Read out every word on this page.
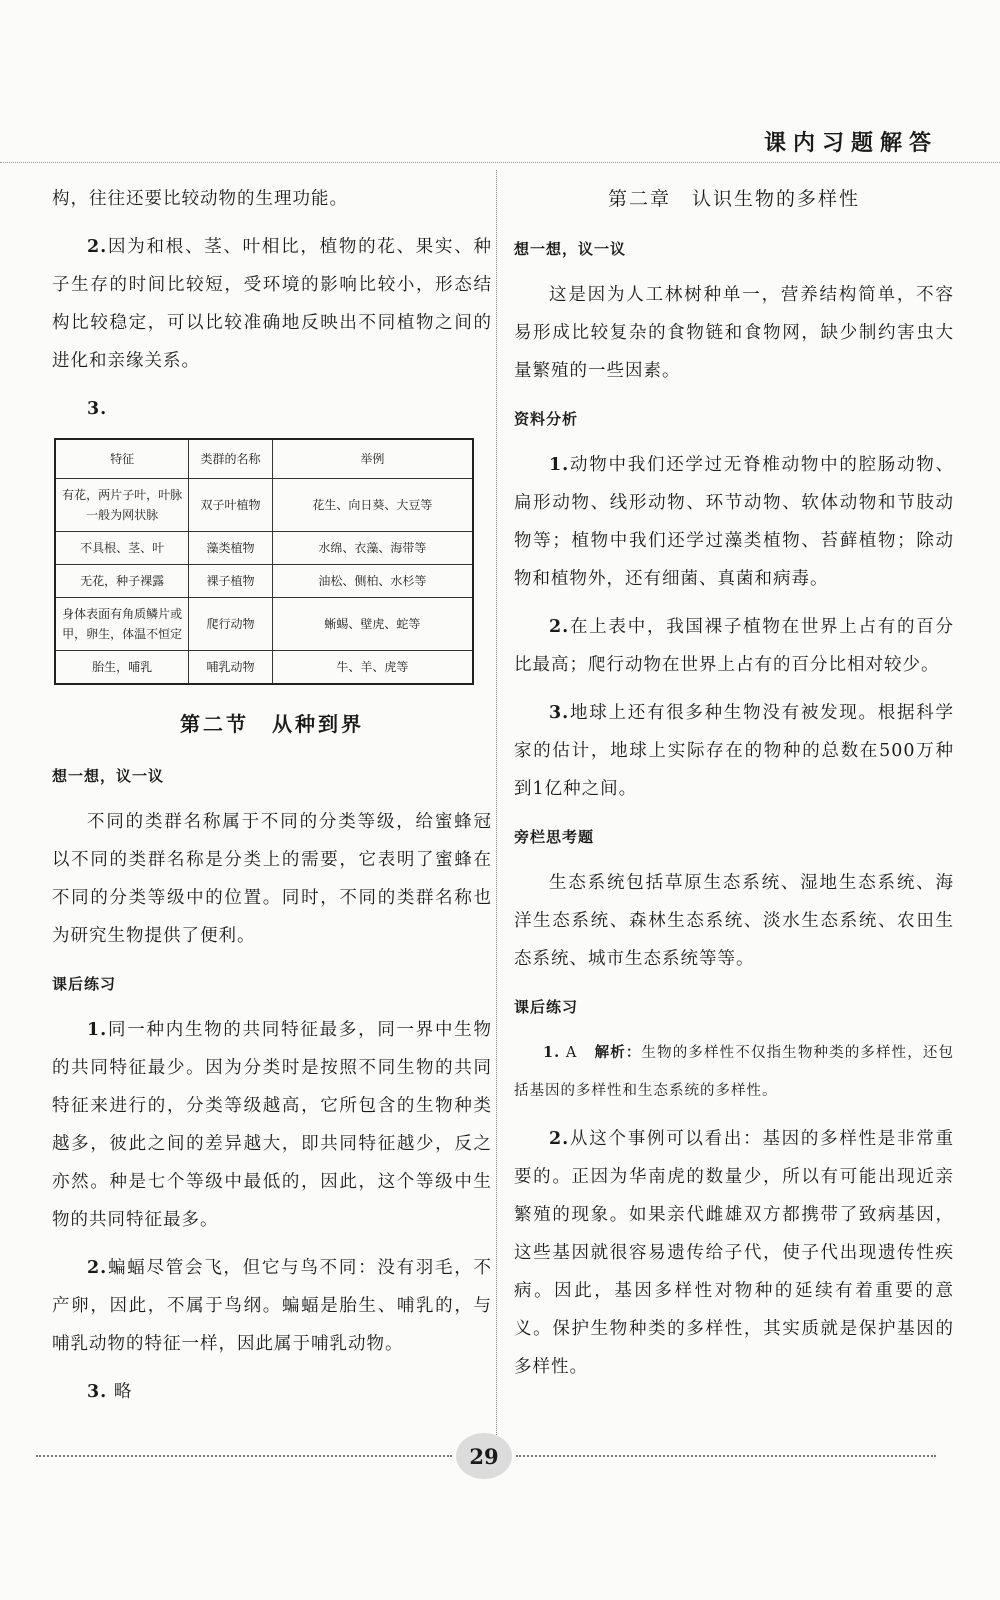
课内习题解答

构，往往还要比较动物的生理功能。

2.因为和根、茎、叶相比，植物的花、果实、种子生存的时间比较短，受环境的影响比较小，形态结构比较稳定，可以比较准确地反映出不同植物之间的进化和亲缘关系。

3.

特征	类群的名称	举例
有花，两片子叶，叶脉一般为网状脉	双子叶植物	花生、向日葵、大豆等
不具根、茎、叶	藻类植物	水绵、衣藻、海带等
无花，种子裸露	裸子植物	油松、侧柏、水杉等
身体表面有角质鳞片或甲，卵生，体温不恒定	爬行动物	蜥蜴、壁虎、蛇等
胎生，哺乳	哺乳动物	牛、羊、虎等
第二节　从种到界
想一想，议一议

不同的类群名称属于不同的分类等级，给蜜蜂冠以不同的类群名称是分类上的需要，它表明了蜜蜂在不同的分类等级中的位置。同时，不同的类群名称也为研究生物提供了便利。

课后练习

1.同一种内生物的共同特征最多，同一界中生物的共同特征最少。因为分类时是按照不同生物的共同特征来进行的，分类等级越高，它所包含的生物种类越多，彼此之间的差异越大，即共同特征越少，反之亦然。种是七个等级中最低的，因此，这个等级中生物的共同特征最多。

2.蝙蝠尽管会飞，但它与鸟不同：没有羽毛，不产卵，因此，不属于鸟纲。蝙蝠是胎生、哺乳的，与哺乳动物的特征一样，因此属于哺乳动物。

3. 略

第二章　认识生物的多样性
想一想，议一议

这是因为人工林树种单一，营养结构简单，不容易形成比较复杂的食物链和食物网，缺少制约害虫大量繁殖的一些因素。

资料分析

1.动物中我们还学过无脊椎动物中的腔肠动物、扁形动物、线形动物、环节动物、软体动物和节肢动物等；植物中我们还学过藻类植物、苔藓植物；除动物和植物外，还有细菌、真菌和病毒。

2.在上表中，我国裸子植物在世界上占有的百分比最高；爬行动物在世界上占有的百分比相对较少。

3.地球上还有很多种生物没有被发现。根据科学家的估计，地球上实际存在的物种的总数在500万种到1亿种之间。

旁栏思考题

生态系统包括草原生态系统、湿地生态系统、海洋生态系统、森林生态系统、淡水生态系统、农田生态系统、城市生态系统等等。

课后练习

1. A 解析：生物的多样性不仅指生物种类的多样性，还包括基因的多样性和生态系统的多样性。

2.从这个事例可以看出：基因的多样性是非常重要的。正因为华南虎的数量少，所以有可能出现近亲繁殖的现象。如果亲代雌雄双方都携带了致病基因，这些基因就很容易遗传给子代，使子代出现遗传性疾病。因此，基因多样性对物种的延续有着重要的意义。保护生物种类的多样性，其实质就是保护基因的多样性。

29
